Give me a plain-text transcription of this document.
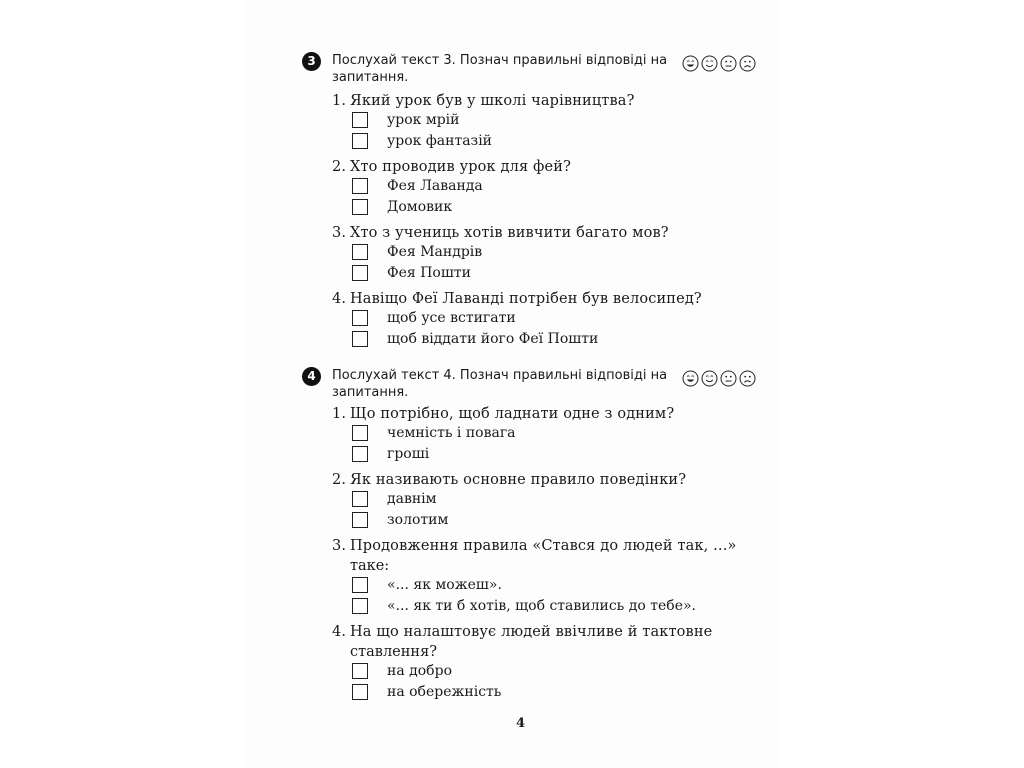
3	Послухай текст 3. Познач правильні відповіді на
запитання.
1. Який урок був у школі чарівництва?
урок мрій
урок фантазій
2. Хто проводив урок для фей?
Фея Лаванда
Домовик
3. Хто з учениць хотів вивчити багато мов?
Фея Мандрів
Фея Пошти
4. Навіщо Феї Лаванді потрібен був велосипед?
щоб усе встигати
щоб віддати його Феї Пошти
4	Послухай текст 4. Познач правильні відповіді на
запитання.
1. Що потрібно, щоб ладнати одне з одним?
чемність і повага
гроші
2. Як називають основне правило поведінки?
давнім
золотим
3. Продовження правила «Стався до людей так, ...»
таке:
«... як можеш».
«... як ти б хотів, щоб ставились до тебе».
4. На що налаштовує людей ввічливе й тактовне
ставлення?
на добро
на обережність
4
